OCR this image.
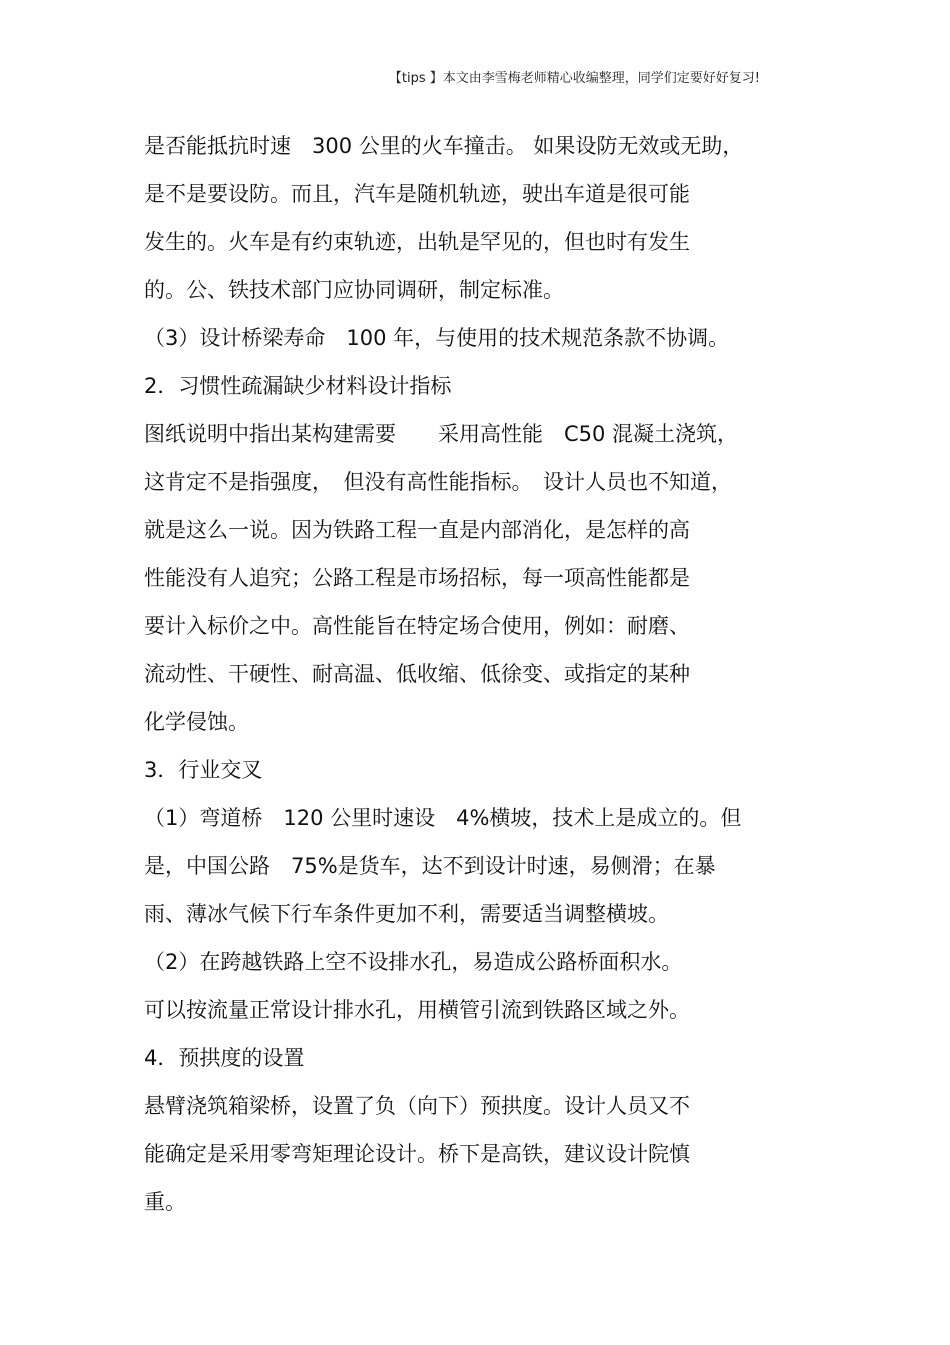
【tips 】本文由李雪梅老师精心收编整理，同学们定要好好复习!
是否能抵抗时速　300 公里的火车撞击。 如果设防无效或无助，
是不是要设防。而且，汽车是随机轨迹，驶出车道是很可能
发生的。火车是有约束轨迹，出轨是罕见的，但也时有发生
的。公、铁技术部门应协同调研，制定标准。
（3）设计桥梁寿命　100 年，与使用的技术规范条款不协调。
2．习惯性疏漏缺少材料设计指标
图纸说明中指出某构建需要　　采用高性能　C50 混凝土浇筑，
这肯定不是指强度，　但没有高性能指标。　设计人员也不知道，
就是这么一说。因为铁路工程一直是内部消化，是怎样的高
性能没有人追究；公路工程是市场招标，每一项高性能都是
要计入标价之中。高性能旨在特定场合使用，例如：耐磨、
流动性、干硬性、耐高温、低收缩、低徐变、或指定的某种
化学侵蚀。
3．行业交叉
（1）弯道桥　120 公里时速设　4%横坡，技术上是成立的。但
是，中国公路　75%是货车，达不到设计时速，易侧滑；在暴
雨、薄冰气候下行车条件更加不利，需要适当调整横坡。
（2）在跨越铁路上空不设排水孔，易造成公路桥面积水。
可以按流量正常设计排水孔，用横管引流到铁路区域之外。
4．预拱度的设置
悬臂浇筑箱梁桥，设置了负（向下）预拱度。设计人员又不
能确定是采用零弯矩理论设计。桥下是高铁，建议设计院慎
重。
